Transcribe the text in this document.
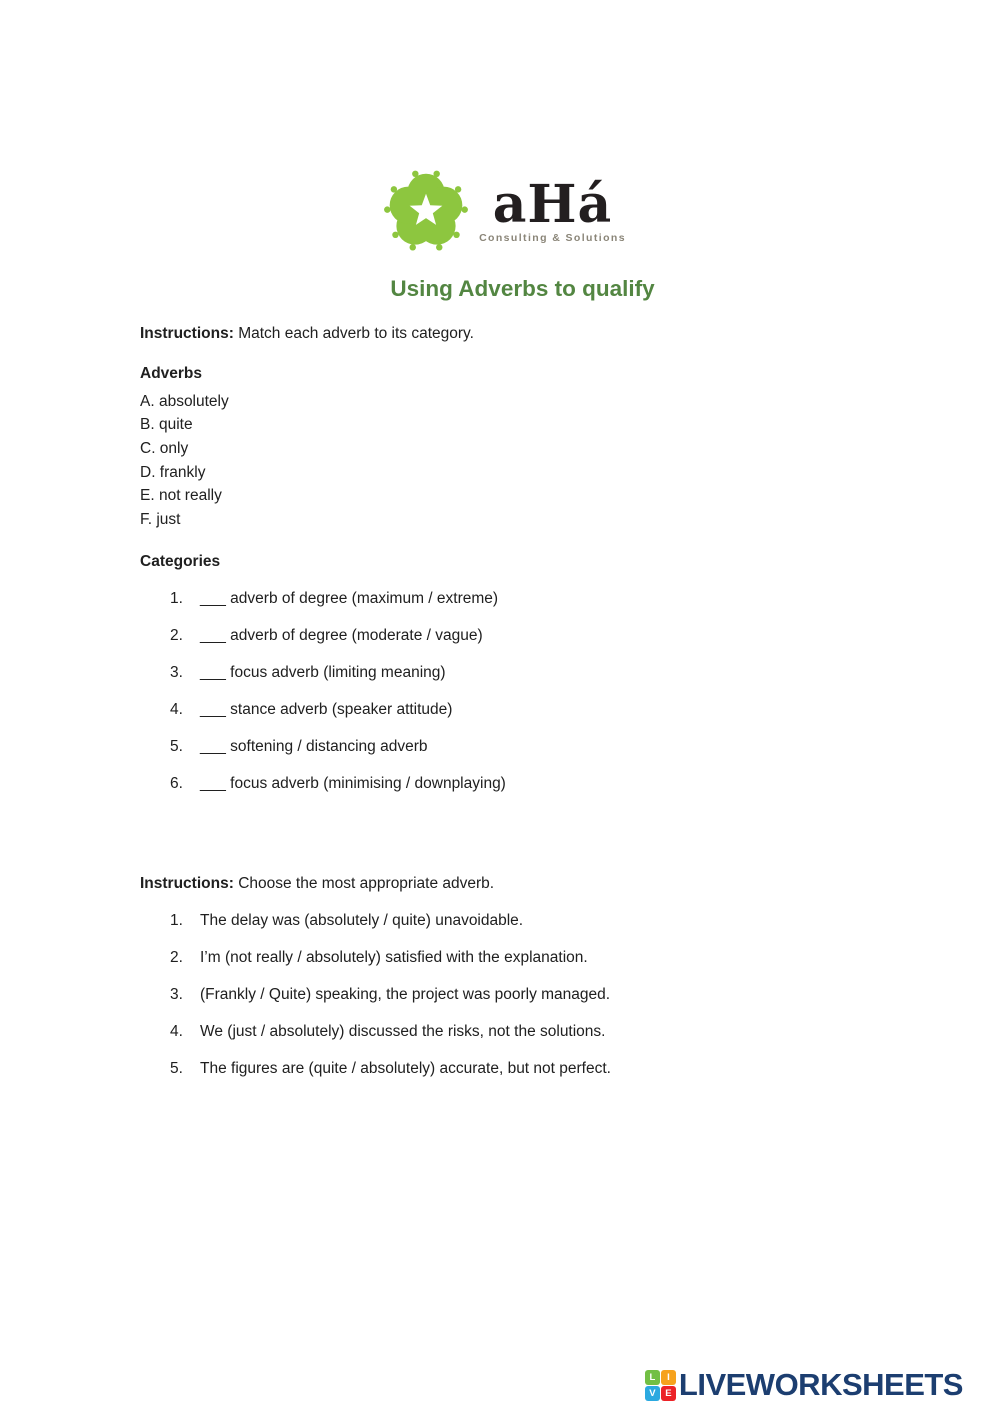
aHá
Consulting & Solutions
Using Adverbs to qualify

Instructions: Match each adverb to its category.

Adverbs
A. absolutely
B. quite
C. only
D. frankly
E. not really
F. just
Categories
1.	___ adverb of degree (maximum / extreme)
2.	___ adverb of degree (moderate / vague)
3.	___ focus adverb (limiting meaning)
4.	___ stance adverb (speaker attitude)
5.	___ softening / distancing adverb
6.	___ focus adverb (minimising / downplaying)

Instructions: Choose the most appropriate adverb.

1.	The delay was (absolutely / quite) unavoidable.
2.	I’m (not really / absolutely) satisfied with the explanation.
3.	(Frankly / Quite) speaking, the project was poorly managed.
4.	We (just / absolutely) discussed the risks, not the solutions.
5.	The figures are (quite / absolutely) accurate, but not perfect.
L	I
V	E LIVEWORKSHEETS
